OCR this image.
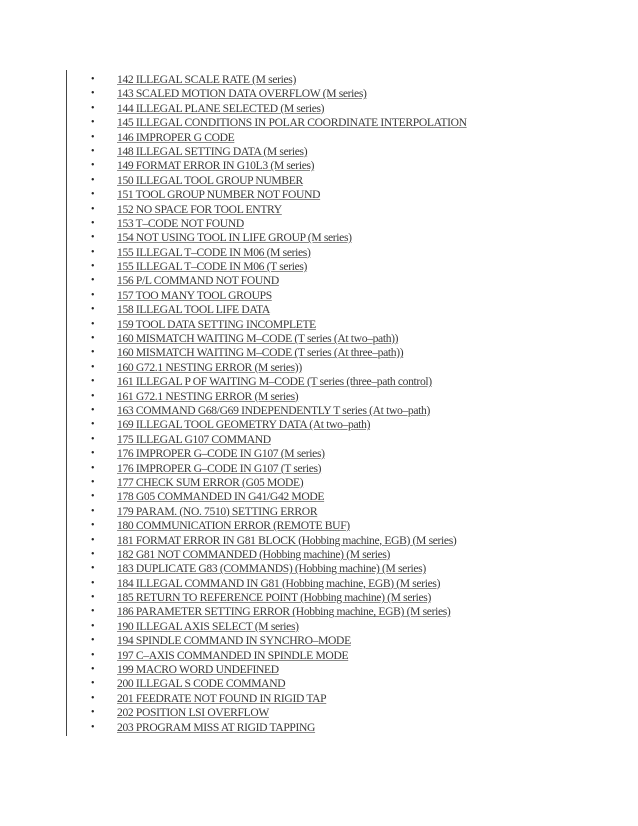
• 142 ILLEGAL SCALE RATE (M series)
• 143 SCALED MOTION DATA OVERFLOW (M series)
• 144 ILLEGAL PLANE SELECTED (M series)
• 145 ILLEGAL CONDITIONS IN POLAR COORDINATE INTERPOLATION
• 146 IMPROPER G CODE
• 148 ILLEGAL SETTING DATA (M series)
• 149 FORMAT ERROR IN G10L3 (M series)
• 150 ILLEGAL TOOL GROUP NUMBER
• 151 TOOL GROUP NUMBER NOT FOUND
• 152 NO SPACE FOR TOOL ENTRY
• 153 T–CODE NOT FOUND
• 154 NOT USING TOOL IN LIFE GROUP (M series)
• 155 ILLEGAL T–CODE IN M06 (M series)
• 155 ILLEGAL T–CODE IN M06 (T series)
• 156 P/L COMMAND NOT FOUND
• 157 TOO MANY TOOL GROUPS
• 158 ILLEGAL TOOL LIFE DATA
• 159 TOOL DATA SETTING INCOMPLETE
• 160 MISMATCH WAITING M–CODE (T series (At two–path))
• 160 MISMATCH WAITING M–CODE (T series (At three–path))
• 160 G72.1 NESTING ERROR (M series))
• 161 ILLEGAL P OF WAITING M–CODE (T series (three–path control)
• 161 G72.1 NESTING ERROR (M series)
• 163 COMMAND G68/G69 INDEPENDENTLY T series (At two–path)
• 169 ILLEGAL TOOL GEOMETRY DATA (At two–path)
• 175 ILLEGAL G107 COMMAND
• 176 IMPROPER G–CODE IN G107 (M series)
• 176 IMPROPER G–CODE IN G107 (T series)
• 177 CHECK SUM ERROR (G05 MODE)
• 178 G05 COMMANDED IN G41/G42 MODE
• 179 PARAM. (NO. 7510) SETTING ERROR
• 180 COMMUNICATION ERROR (REMOTE BUF)
• 181 FORMAT ERROR IN G81 BLOCK (Hobbing machine, EGB) (M series)
• 182 G81 NOT COMMANDED (Hobbing machine) (M series)
• 183 DUPLICATE G83 (COMMANDS) (Hobbing machine) (M series)
• 184 ILLEGAL COMMAND IN G81 (Hobbing machine, EGB) (M series)
• 185 RETURN TO REFERENCE POINT (Hobbing machine) (M series)
• 186 PARAMETER SETTING ERROR (Hobbing machine, EGB) (M series)
• 190 ILLEGAL AXIS SELECT (M series)
• 194 SPINDLE COMMAND IN SYNCHRO–MODE
• 197 C–AXIS COMMANDED IN SPINDLE MODE
• 199 MACRO WORD UNDEFINED
• 200 ILLEGAL S CODE COMMAND
• 201 FEEDRATE NOT FOUND IN RIGID TAP
• 202 POSITION LSI OVERFLOW
• 203 PROGRAM MISS AT RIGID TAPPING
